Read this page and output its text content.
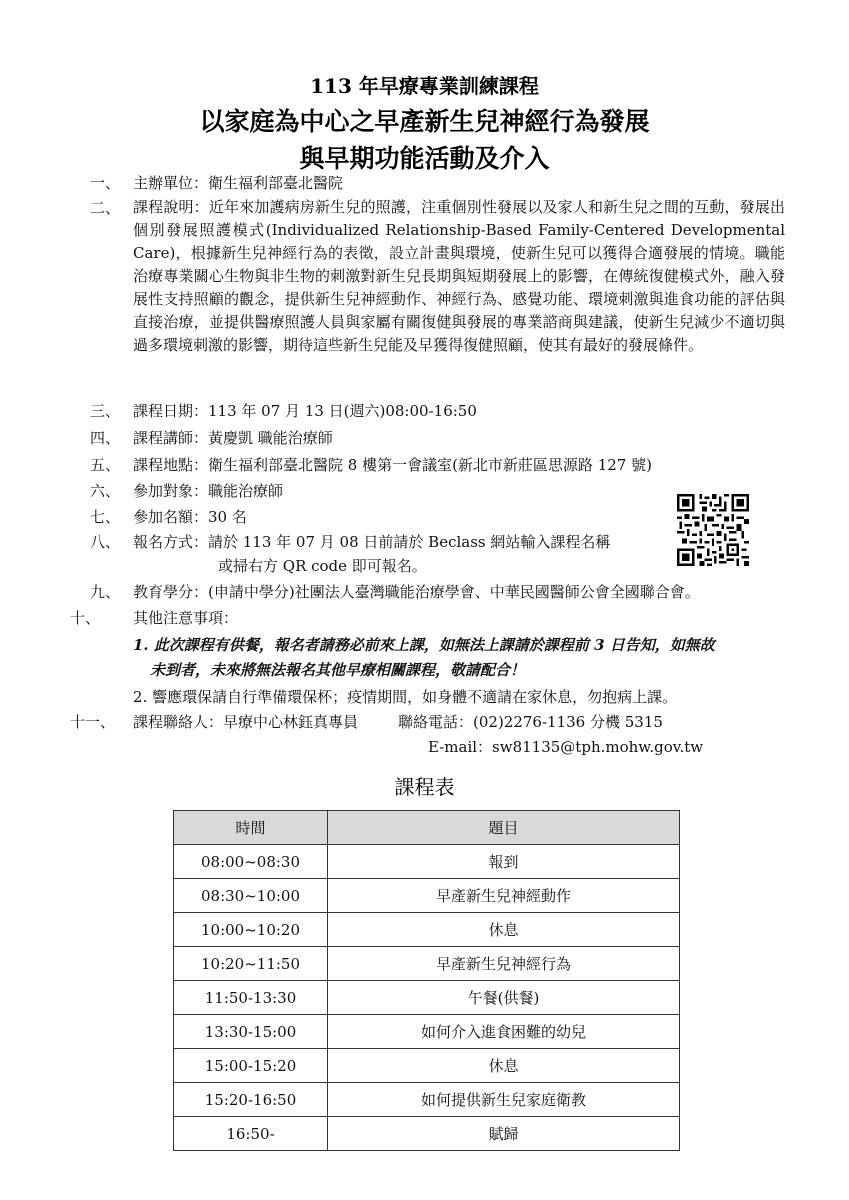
113 年早療專業訓練課程
以家庭為中心之早產新生兒神經行為發展
與早期功能活動及介入
一、 主辦單位：衛生福利部臺北醫院
二、 課程說明：近年來加護病房新生兒的照護，注重個別性發展以及家人和新生兒之間的互動，發展出個別發展照護模式(Individualized Relationship-Based Family-Centered Developmental Care)，根據新生兒神經行為的表徵，設立計畫與環境，使新生兒可以獲得合適發展的情境。職能治療專業關心生物與非生物的刺激對新生兒長期與短期發展上的影響，在傳統復健模式外，融入發展性支持照顧的觀念，提供新生兒神經動作、神經行為、感覺功能、環境刺激與進食功能的評估與直接治療，並提供醫療照護人員與家屬有關復健與發展的專業諮商與建議，使新生兒減少不適切與過多環境刺激的影響，期待這些新生兒能及早獲得復健照顧，使其有最好的發展條件。
三、 課程日期：113 年 07 月 13 日(週六)08:00-16:50
四、 課程講師：黃慶凱 職能治療師
五、 課程地點：衛生福利部臺北醫院 8 樓第一會議室(新北市新莊區思源路 127 號)
六、 參加對象：職能治療師
七、 參加名額：30 名
八、 報名方式：請於 113 年 07 月 08 日前請於 Beclass 網站輸入課程名稱
或掃右方 QR code 即可報名。
九、 教育學分：(申請中學分)社團法人臺灣職能治療學會、中華民國醫師公會全國聯合會。
十、 其他注意事項：
1. 此次課程有供餐，報名者請務必前來上課，如無法上課請於課程前 3 日告知，如無故
未到者，未來將無法報名其他早療相關課程，敬請配合！
2. 響應環保請自行準備環保杯；疫情期間，如身體不適請在家休息，勿抱病上課。
十一、 課程聯絡人：早療中心林鈺真專員	聯絡電話：(02)2276-1136 分機 5315
E-mail：sw81135@tph.mohw.gov.tw
課程表
時間	題目
08:00~08:30	報到
08:30~10:00	早產新生兒神經動作
10:00~10:20	休息
10:20~11:50	早產新生兒神經行為
11:50-13:30	午餐(供餐)
13:30-15:00	如何介入進食困難的幼兒
15:00-15:20	休息
15:20-16:50	如何提供新生兒家庭衛教
16:50-	賦歸
